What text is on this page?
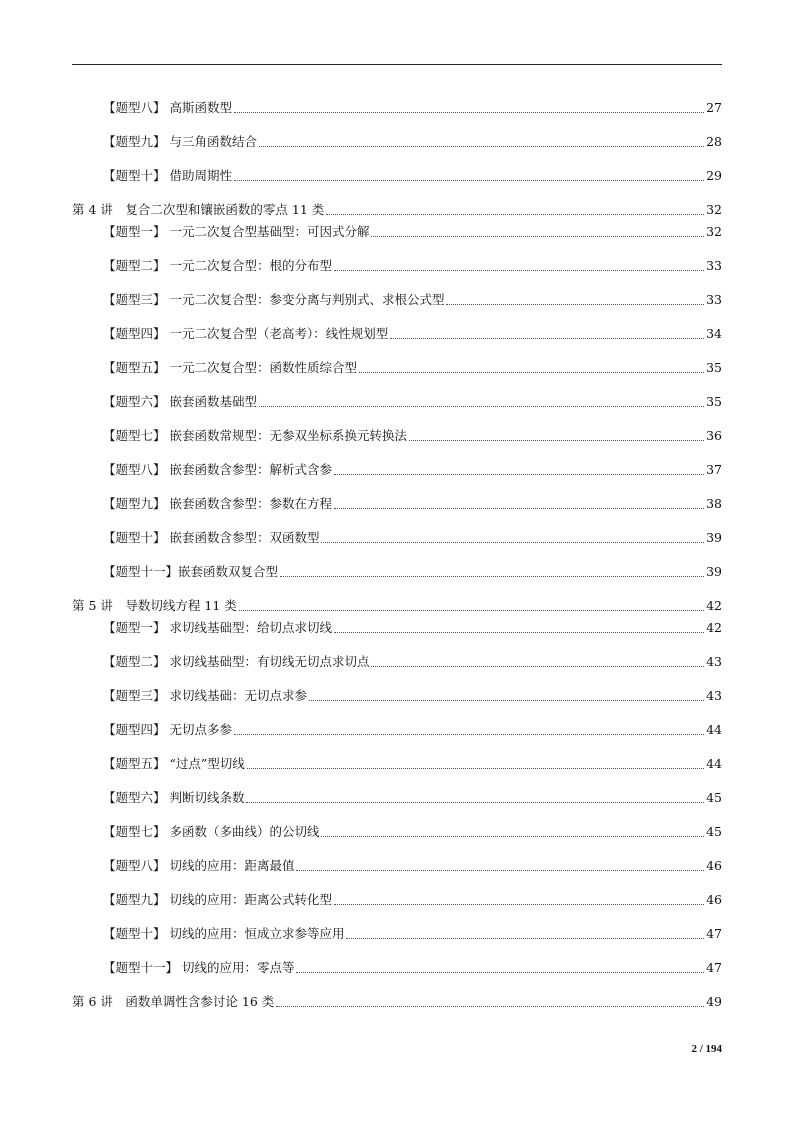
【题型八】 高斯函数型	27
【题型九】 与三角函数结合	28
【题型十】 借助周期性	29
第 4 讲　复合二次型和镶嵌函数的零点 11 类	32
【题型一】 一元二次复合型基础型：可因式分解	32
【题型二】 一元二次复合型：根的分布型	33
【题型三】 一元二次复合型：参变分离与判别式、求根公式型	33
【题型四】 一元二次复合型（老高考）：线性规划型	34
【题型五】 一元二次复合型：函数性质综合型	35
【题型六】 嵌套函数基础型	35
【题型七】 嵌套函数常规型：无参双坐标系换元转换法	36
【题型八】 嵌套函数含参型：解析式含参	37
【题型九】 嵌套函数含参型：参数在方程	38
【题型十】 嵌套函数含参型：双函数型	39
【题型十一】嵌套函数双复合型	39
第 5 讲　导数切线方程 11 类	42
【题型一】 求切线基础型：给切点求切线	42
【题型二】 求切线基础型：有切线无切点求切点	43
【题型三】 求切线基础：无切点求参	43
【题型四】 无切点多参	44
【题型五】 “过点”型切线	44
【题型六】 判断切线条数	45
【题型七】 多函数（多曲线）的公切线	45
【题型八】 切线的应用：距离最值	46
【题型九】 切线的应用：距离公式转化型	46
【题型十】 切线的应用：恒成立求参等应用	47
【题型十一】 切线的应用：零点等	47
第 6 讲　函数单调性含参讨论 16 类	49
2 / 194
